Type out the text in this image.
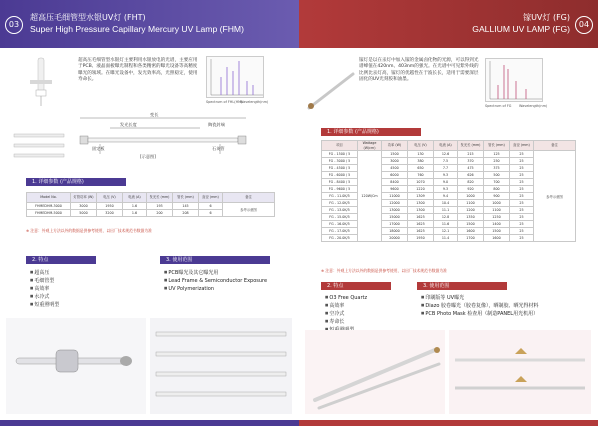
03
超高压毛细管型水银UV灯 (FHT)
Super High Pressure Capillary Mercury UV Lamp (FHM)
超高压毛细管型水银灯主要利用水银放电的光谱，主要应用于PCB、液晶面板曝光制程和各类精密的曝光设备等高精度曝光的领域。在曝光设备中，发光效率高，光照稳定，使用寿命长。
Spectrum of FHL(HM)
Wavelength(nm)
变长
发光长度	陶瓷封端
固定板	石英管
[示意图]
1. 详细参数 (产品规格)
Model No.	灯管功率 (W)	电压 (V)	电流 (A)	发光长 (mm)	管长 (mm)	直径 (mm)	备注
FHMEDHM-3000	3000	1950	1.6	193	145	6	参考示意图
FHMEDHM-5000	5000	3200	1.6	200	208	6	
※ 注意：外观上方法以外的数据是供参考使用，以出厂技术规范书数据为准
2. 特点
■ 超高压
■ 毛细管型
■ 高效率
■ 水冷式
■ 短重照明型
3. 使用范围
■ PCB曝光及其它曝光用
■ Lead Frame & Semiconductor Exposure
■ UV Polymerization
04
镓UV灯 (FG)
GALLIUM UV LAMP (FG)
镓灯是以在汞灯中加入镓的金属卤化物的光源，可以得到光谱峰值在420nm、403nm的强光。在光谱中可见紫外线的比例比汞灯高，镓灯的优越性在于波长长，适用于需要深层固化的UV光刻胶和油墨。
Spectrum of FG Wavelength(nm)
1. 详细参数 (产品规格)
项目	Wattage (W/cm)	功率 (W)	电压 (V)	电流 (A)	发光长 (mm)	管长 (mm)	直径 (mm)	备注
FG - 1500 / 5	120W/Cm	1500	130	12.6	215	125	25	参考示意图
FG - 3000 / 5		3000	380	7.5	370	250	25	
FG - 4500 / 5		4500	650	7.7	475	375	25	
FG - 6000 / 5		6000	760	9.3	626	500	25	
FG - 8400 / 5		8400	1070	9.0	820	700	25	
FG - 9600 / 5		9600	1220	9.3	920	800	25	
FG - 11.0K/5		11000	1309	9.4	1000	900	25	
FG - 12.0K/5		12000	1300	10.4	1100	1000	25	
FG - 13.0K/5		13000	1300	11.1	1200	1100	25	
FG - 15.0K/5		15000	1625	12.8	1350	1250	25	
FG - 16.0K/5		17000	1625	11.6	1500	1400	25	
FG - 17.0K/5		18000	1625	12.1	1600	1500	25	
FG - 20.0K/5		20000	1950	11.4	1700	1600	25	
※ 注意：外观上方法以外的数据是供参考使用，以出厂技术规范书数据为准
2. 特点
■ O3 Free Quartz
■ 高效率
■ 空冷式
■ 寿命长
■
3. 使用范围
■ 印刷版等 UV曝光
■ Diazo 胶卷曝光（胶卷复像），晒制胶、晒光得材料
■ PCB Photo Mask 检查用（制造PANEL用光机用）
